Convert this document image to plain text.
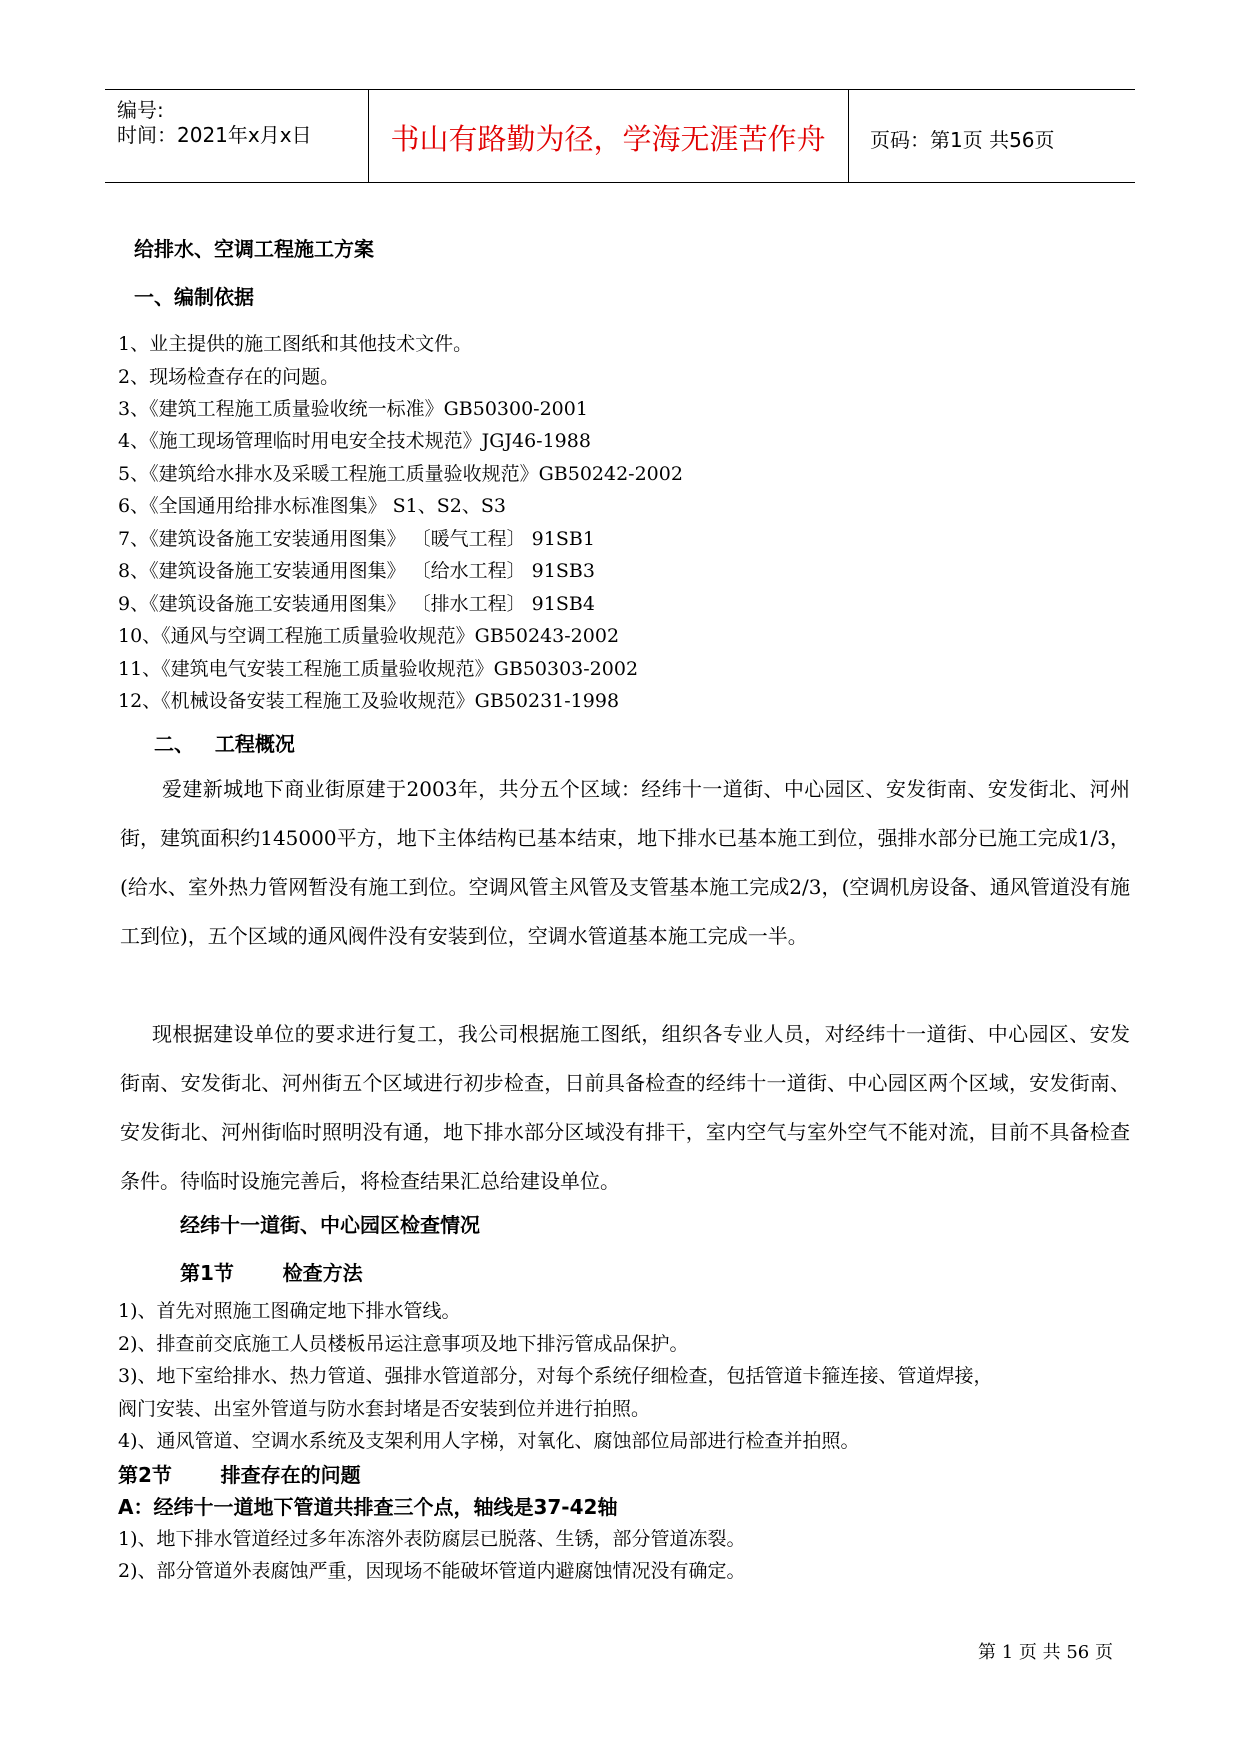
编号:
时间：2021年x月x日	书山有路勤为径，学海无涯苦作舟	页码：第1页 共56页
给排水、空调工程施工方案
一、编制依据
1、业主提供的施工图纸和其他技术文件。
2、现场检查存在的问题。
3、《建筑工程施工质量验收统一标准》GB50300-2001
4、《施工现场管理临时用电安全技术规范》JGJ46-1988
5、《建筑给水排水及采暖工程施工质量验收规范》GB50242-2002
6、《全国通用给排水标准图集》 S1、S2、S3
7、《建筑设备施工安装通用图集》 〔暖气工程〕 91SB1
8、《建筑设备施工安装通用图集》 〔给水工程〕 91SB3
9、《建筑设备施工安装通用图集》 〔排水工程〕 91SB4
10、《通风与空调工程施工质量验收规范》GB50243-2002
11、《建筑电气安装工程施工质量验收规范》GB50303-2002
12、《机械设备安装工程施工及验收规范》GB50231-1998
二、   工程概况
爱建新城地下商业街原建于2003年，共分五个区域：经纬十一道街、中心园区、安发街南、安发街北、河州街，建筑面积约145000平方，地下主体结构已基本结束，地下排水已基本施工到位，强排水部分已施工完成1/3，(给水、室外热力管网暂没有施工到位。空调风管主风管及支管基本施工完成2/3，(空调机房设备、通风管道没有施工到位)，五个区域的通风阀件没有安装到位，空调水管道基本施工完成一半。
现根据建设单位的要求进行复工，我公司根据施工图纸，组织各专业人员，对经纬十一道街、中心园区、安发街南、安发街北、河州街五个区域进行初步检查，日前具备检查的经纬十一道街、中心园区两个区域，安发街南、安发街北、河州街临时照明没有通，地下排水部分区域没有排干，室内空气与室外空气不能对流，目前不具备检查条件。待临时设施完善后，将检查结果汇总给建设单位。
经纬十一道街、中心园区检查情况
第1节       检查方法
1)、首先对照施工图确定地下排水管线。
2)、排查前交底施工人员楼板吊运注意事项及地下排污管成品保护。
3)、地下室给排水、热力管道、强排水管道部分，对每个系统仔细检查，包括管道卡箍连接、管道焊接，
阀门安装、出室外管道与防水套封堵是否安装到位并进行拍照。
4)、通风管道、空调水系统及支架利用人字梯，对氧化、腐蚀部位局部进行检查并拍照。
第2节       排查存在的问题
A：经纬十一道地下管道共排查三个点，轴线是37-42轴
1)、地下排水管道经过多年冻溶外表防腐层已脱落、生锈，部分管道冻裂。
2)、部分管道外表腐蚀严重，因现场不能破坏管道内避腐蚀情况没有确定。
第 1 页 共 56 页
